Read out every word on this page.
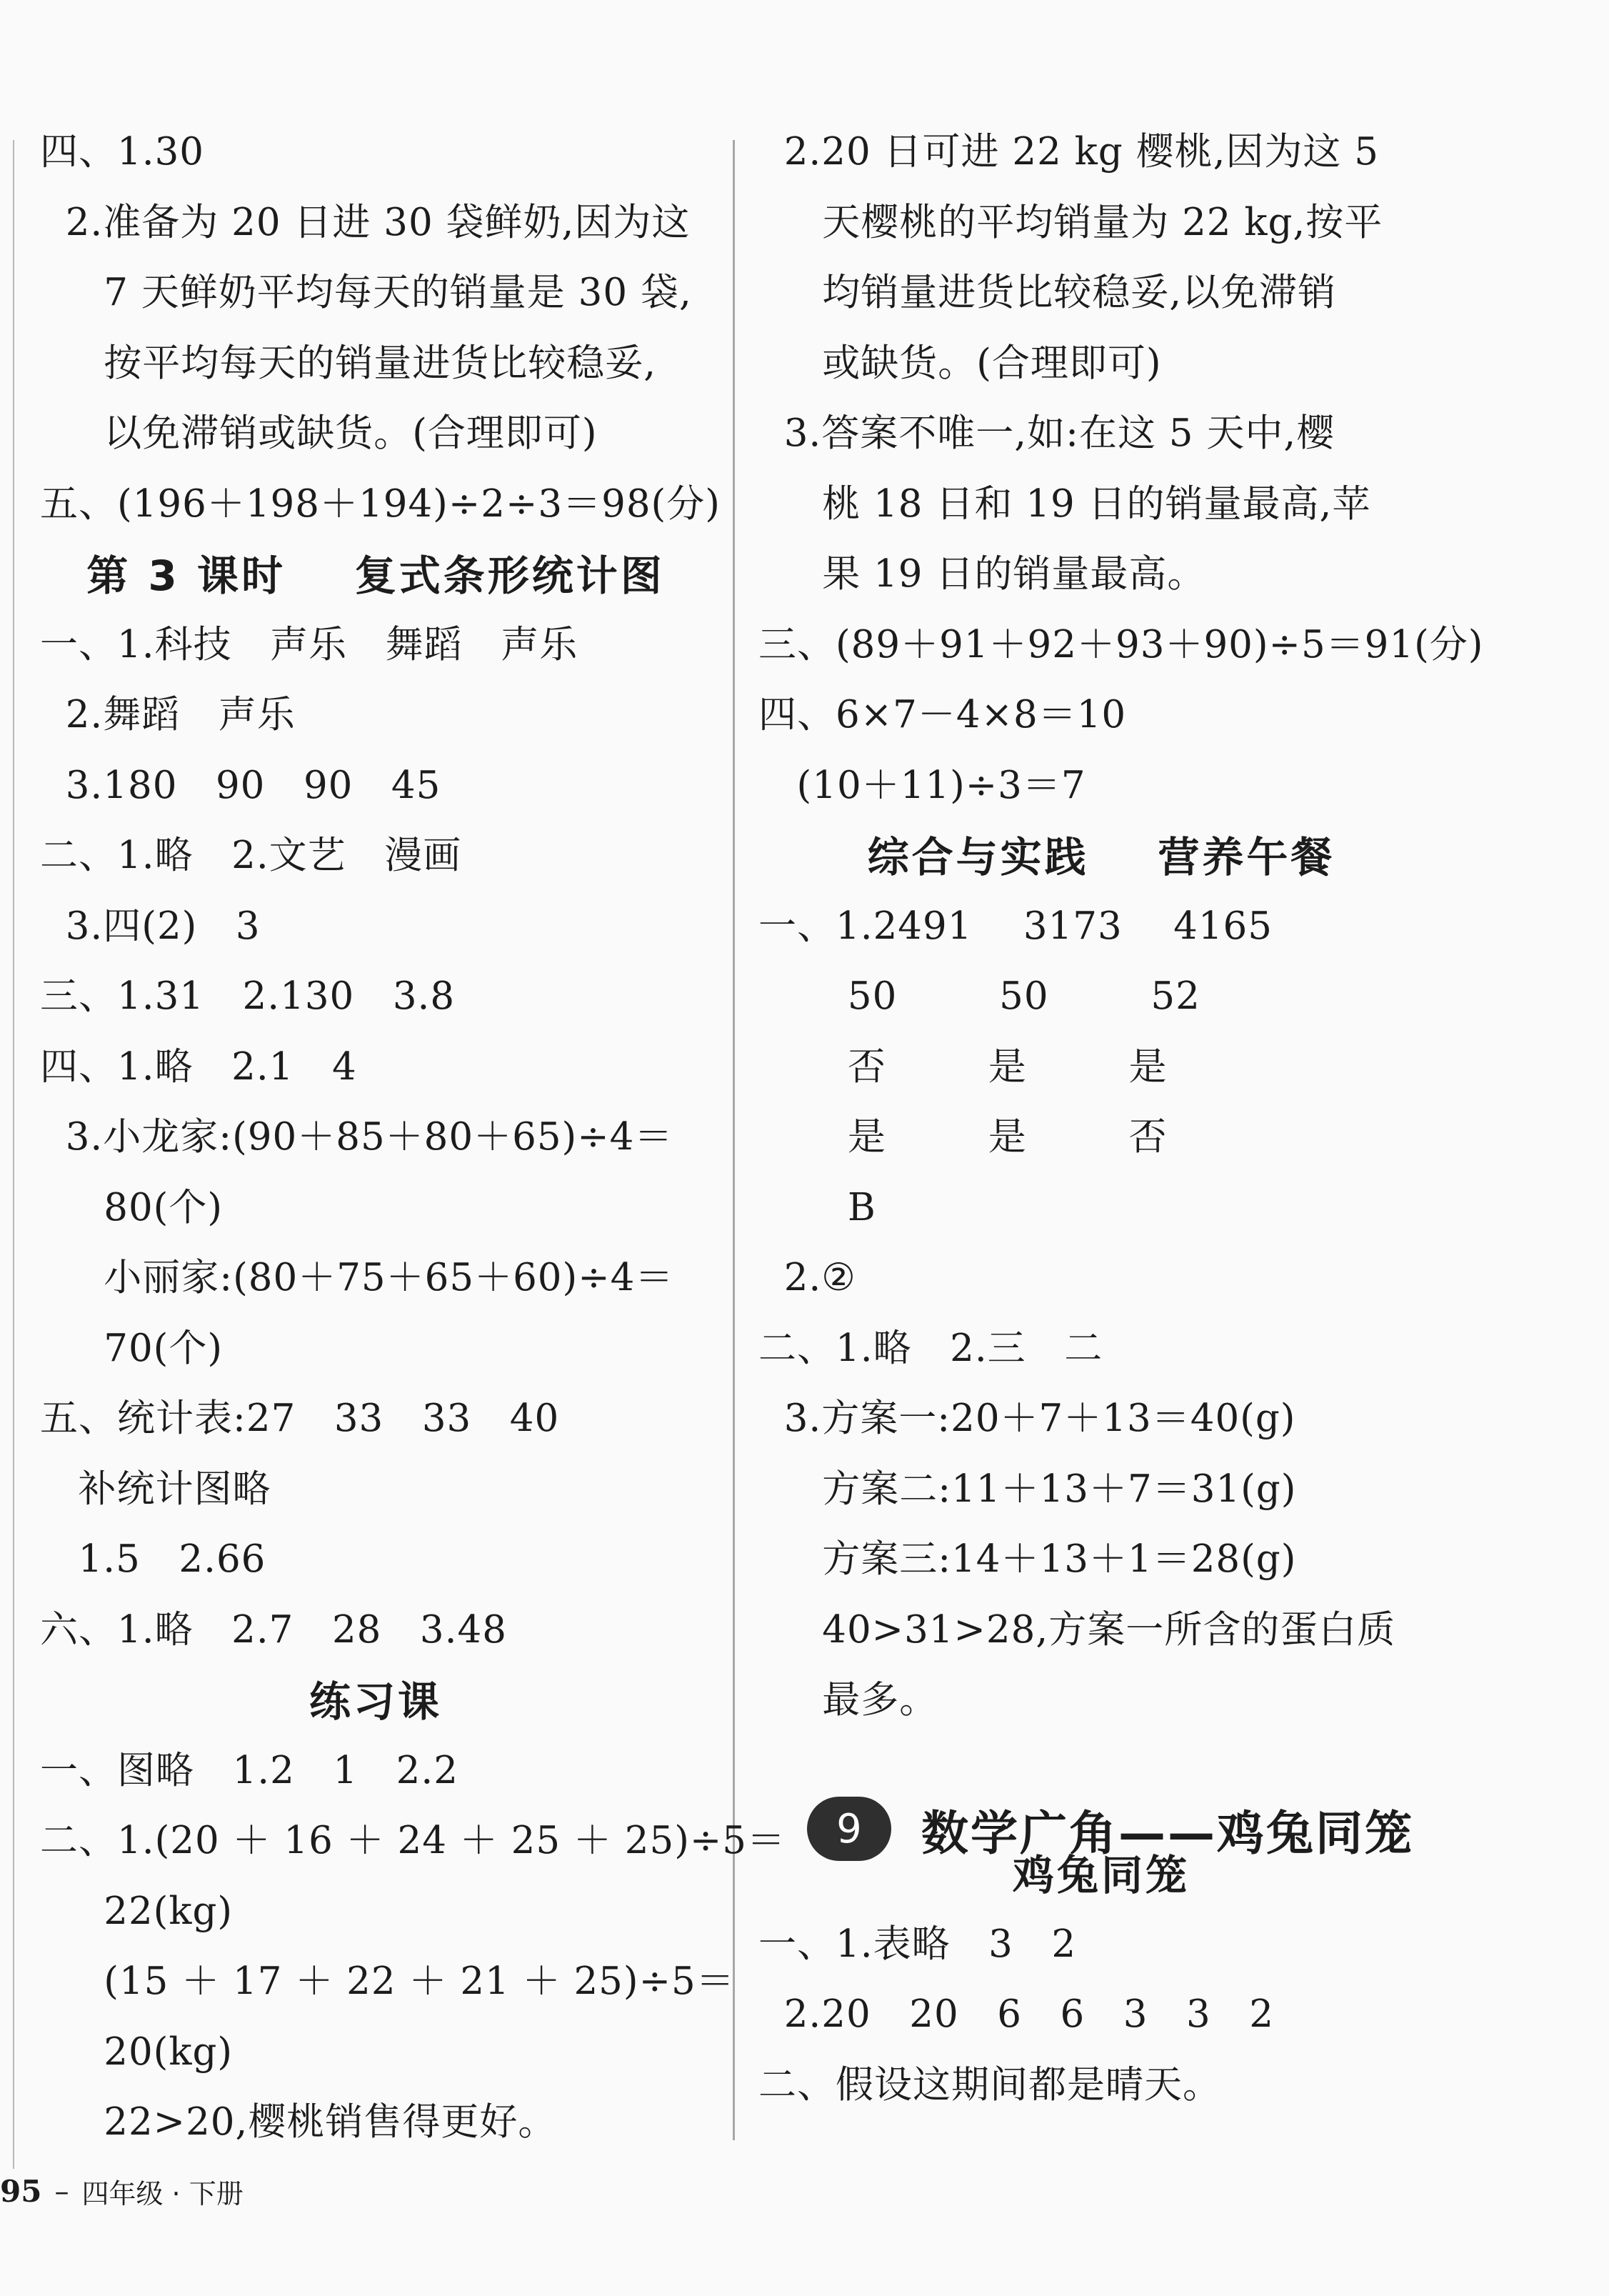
四、1.30
2.准备为 20 日进 30 袋鲜奶,因为这
7 天鲜奶平均每天的销量是 30 袋,
按平均每天的销量进货比较稳妥,
以免滞销或缺货。(合理即可)
五、(196＋198＋194)÷2÷3＝98(分)
第 3 课时    复式条形统计图
一、1.科技   声乐   舞蹈   声乐
2.舞蹈   声乐
3.180   90   90   45
二、1.略   2.文艺   漫画
3.四(2)   3
三、1.31   2.130   3.8
四、1.略   2.1   4
3.小龙家:(90＋85＋80＋65)÷4＝
80(个)
小丽家:(80＋75＋65＋60)÷4＝
70(个)
五、统计表:27   33   33   40
补统计图略
1.5   2.66
六、1.略   2.7   28   3.48
练习课
一、图略   1.2   1   2.2
二、1.(20 ＋ 16 ＋ 24 ＋ 25 ＋ 25)÷5＝
22(kg)
(15 ＋ 17 ＋ 22 ＋ 21 ＋ 25)÷5＝
20(kg)
22>20,樱桃销售得更好。
2.20 日可进 22 kg 樱桃,因为这 5
天樱桃的平均销量为 22 kg,按平
均销量进货比较稳妥,以免滞销
或缺货。(合理即可)
3.答案不唯一,如:在这 5 天中,樱
桃 18 日和 19 日的销量最高,苹
果 19 日的销量最高。
三、(89＋91＋92＋93＋90)÷5＝91(分)
四、6×7－4×8＝10
(10＋11)÷3＝7
综合与实践    营养午餐
一、1.2491    3173    4165
50        50        52
否        是        是
是        是        否
B
2.②
二、1.略   2.三   二
3.方案一:20＋7＋13＝40(g)
方案二:11＋13＋7＝31(g)
方案三:14＋13＋1＝28(g)
40>31>28,方案一所含的蛋白质
最多。
鸡兔同笼
一、1.表略   3   2
2.20   20   6   6   3   3   2
二、假设这期间都是晴天。
9	数学广角——鸡兔同笼
95 – 四年级 · 下册
